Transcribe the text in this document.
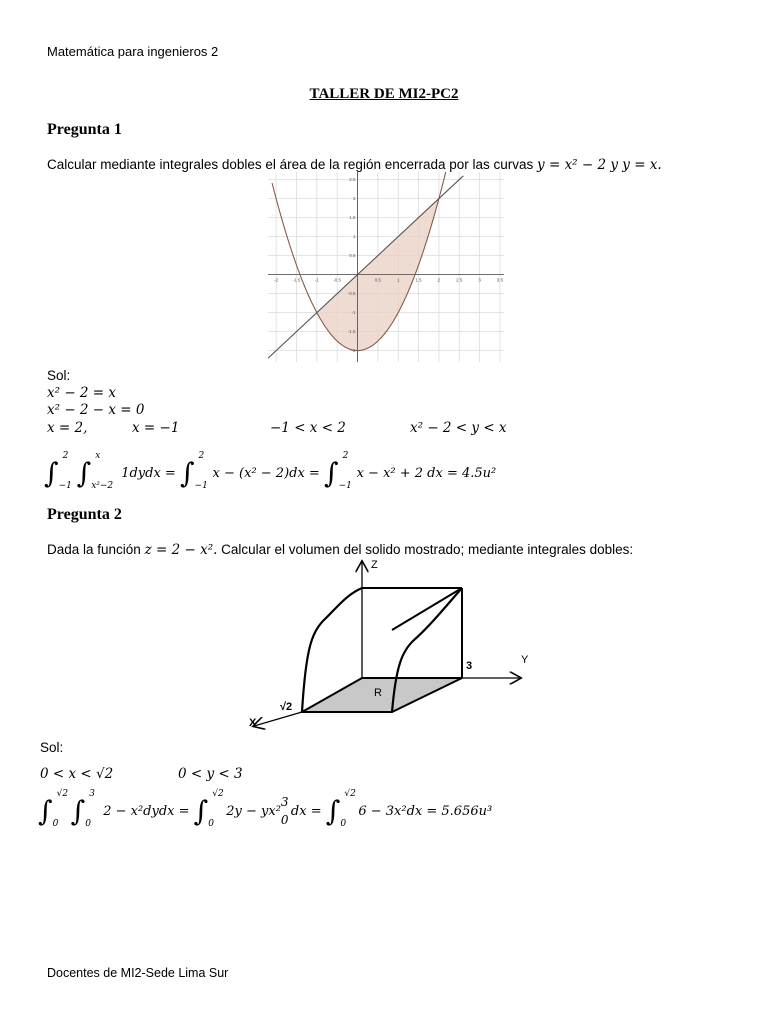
Matemática para ingenieros 2
TALLER DE MI2-PC2
Pregunta 1
Calcular mediante integrales dobles el área de la región encerrada por las curvas y = x² − 2 y y = x.
-2	-1.5	-1	-0.5	0.5	1	1.5	2	2.5	3	3.5
2.5
2
1.5
1
0.5
-0.5
-1
-1.5
-2
Sol:
x² − 2 = x
x² − 2 − x = 0
x = 2,	x = −1	−1 < x < 2	x² − 2 < y < x
∫
2
−1 ∫
x
x²−2
1dydx = ∫
2
−1
x − (x² − 2)dx = ∫
2
−1
x − x² + 2 dx = 4.5u²
Pregunta 2
Dada la función z = 2 − x². Calcular el volumen del solido mostrado; mediante integrales dobles:
Z
Y
X
3
R
√2
Sol:
0 < x < √2	0 < y < 3
∫
√2
0 ∫
3
0
2 − x²dydx = ∫
√2
0
2y − yx²
3
0
dx = ∫
√2
0
6 − 3x²dx = 5.656u³
Docentes de MI2-Sede Lima Sur
